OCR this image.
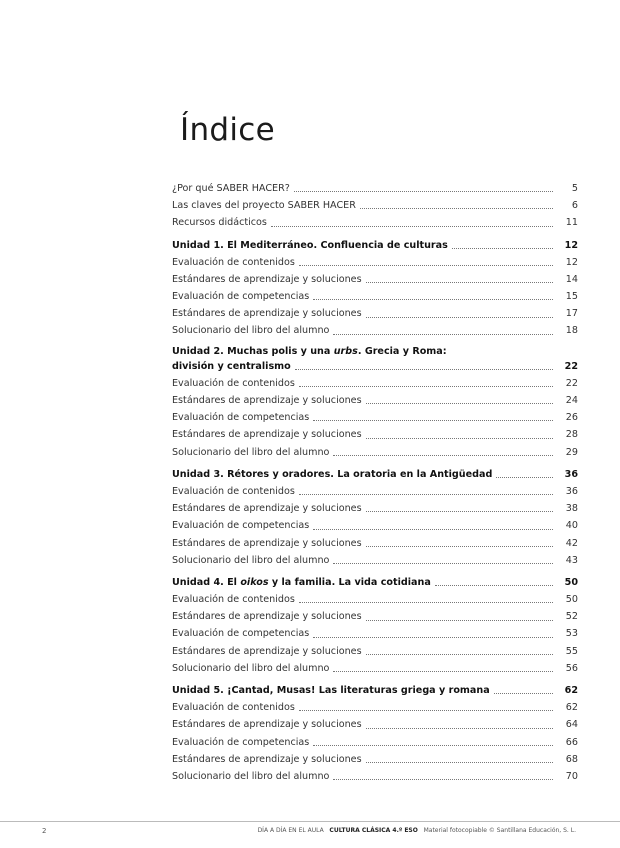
Índice
¿Por qué SABER HACER?	5
Las claves del proyecto SABER HACER	6
Recursos didácticos	11
Unidad 1. El Mediterráneo. Confluencia de culturas	12
Evaluación de contenidos	12
Estándares de aprendizaje y soluciones	14
Evaluación de competencias	15
Estándares de aprendizaje y soluciones	17
Solucionario del libro del alumno	18
Unidad 2. Muchas polis y una urbs. Grecia y Roma:
división y centralismo	22
Evaluación de contenidos	22
Estándares de aprendizaje y soluciones	24
Evaluación de competencias	26
Estándares de aprendizaje y soluciones	28
Solucionario del libro del alumno	29
Unidad 3. Rétores y oradores. La oratoria en la Antigüedad	36
Evaluación de contenidos	36
Estándares de aprendizaje y soluciones	38
Evaluación de competencias	40
Estándares de aprendizaje y soluciones	42
Solucionario del libro del alumno	43
Unidad 4. El oikos y la familia. La vida cotidiana	50
Evaluación de contenidos	50
Estándares de aprendizaje y soluciones	52
Evaluación de competencias	53
Estándares de aprendizaje y soluciones	55
Solucionario del libro del alumno	56
Unidad 5. ¡Cantad, Musas! Las literaturas griega y romana	62
Evaluación de contenidos	62
Estándares de aprendizaje y soluciones	64
Evaluación de competencias	66
Estándares de aprendizaje y soluciones	68
Solucionario del libro del alumno	70
2	DÍA A DÍA EN EL AULA CULTURA CLÁSICA 4.º ESO Material fotocopiable © Santillana Educación, S. L.
